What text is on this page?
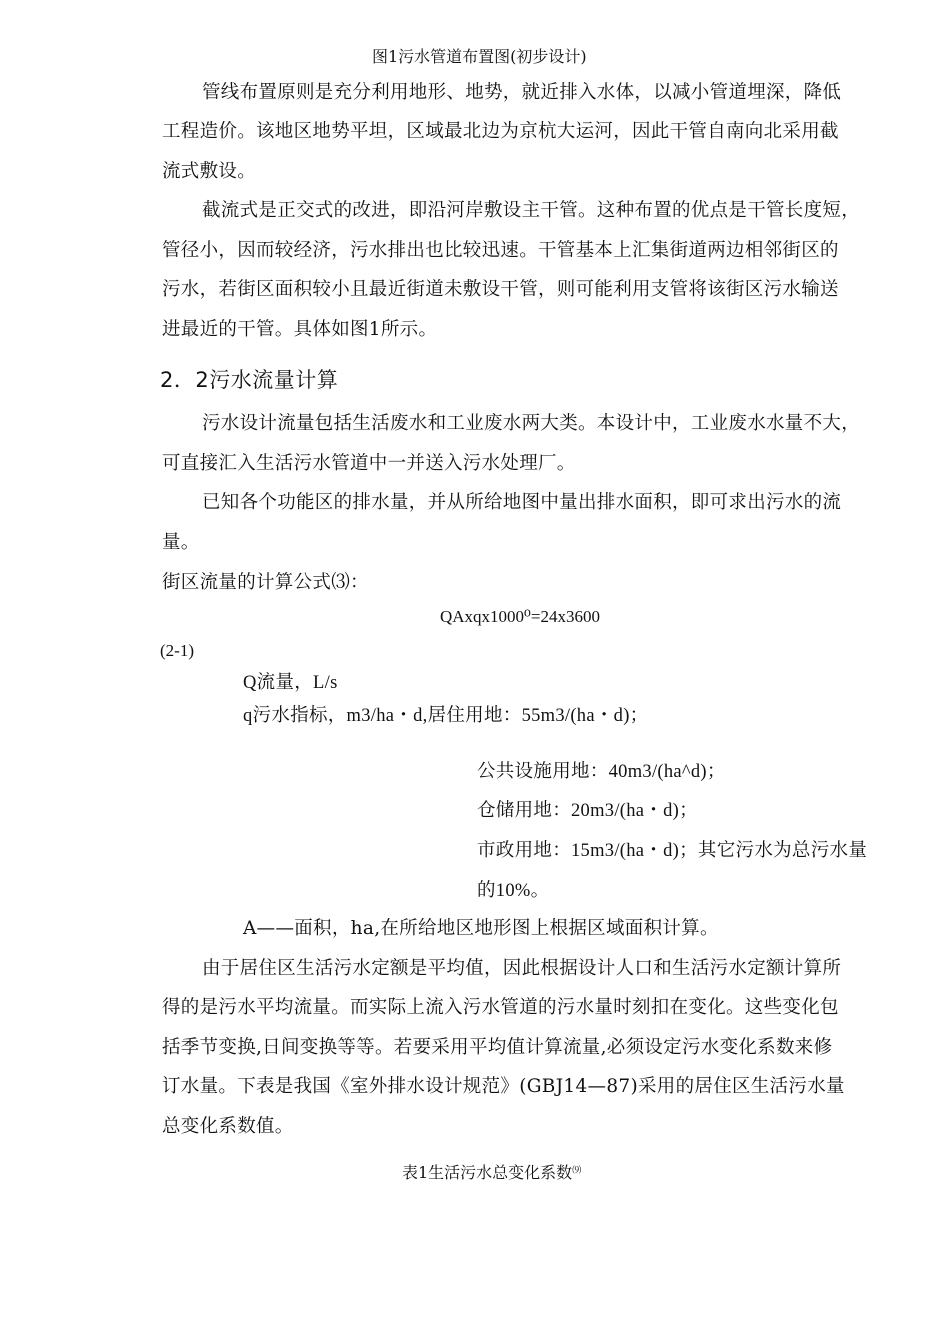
图1污水管道布置图(初步设计)
管线布置原则是充分利用地形、地势，就近排入水体，以减小管道埋深，降低
工程造价。该地区地势平坦，区域最北边为京杭大运河，因此干管自南向北采用截
流式敷设。
截流式是正交式的改进，即沿河岸敷设主干管。这种布置的优点是干管长度短，
管径小，因而较经济，污水排出也比较迅速。干管基本上汇集街道两边相邻街区的
污水，若街区面积较小且最近街道未敷设干管，则可能利用支管将该街区污水输送
进最近的干管。具体如图1所示。
2．2污水流量计算
污水设计流量包括生活废水和工业废水两大类。本设计中，工业废水水量不大，
可直接汇入生活污水管道中一并送入污水处理厂。
已知各个功能区的排水量，并从所给地图中量出排水面积，即可求出污水的流
量。
街区流量的计算公式⑶：
QAxqx1000⁰=24x3600
(2-1)
Q流量，L/s
q污水指标，m3/ha・d,居住用地：55m3/(ha・d)；
公共设施用地：40m3/(ha^d)；
仓储用地：20m3/(ha・d)；
市政用地：15m3/(ha・d)；其它污水为总污水量
的10%。
A——面积，ha,在所给地区地形图上根据区域面积计算。
由于居住区生活污水定额是平均值，因此根据设计人口和生活污水定额计算所
得的是污水平均流量。而实际上流入污水管道的污水量时刻扣在变化。这些变化包
括季节变换,日间变换等等。若要采用平均值计算流量,必须设定污水变化系数来修
订水量。下表是我国《室外排水设计规范》(GBJ14—87)采用的居住区生活污水量
总变化系数值。
表1生活污水总变化系数⑼
